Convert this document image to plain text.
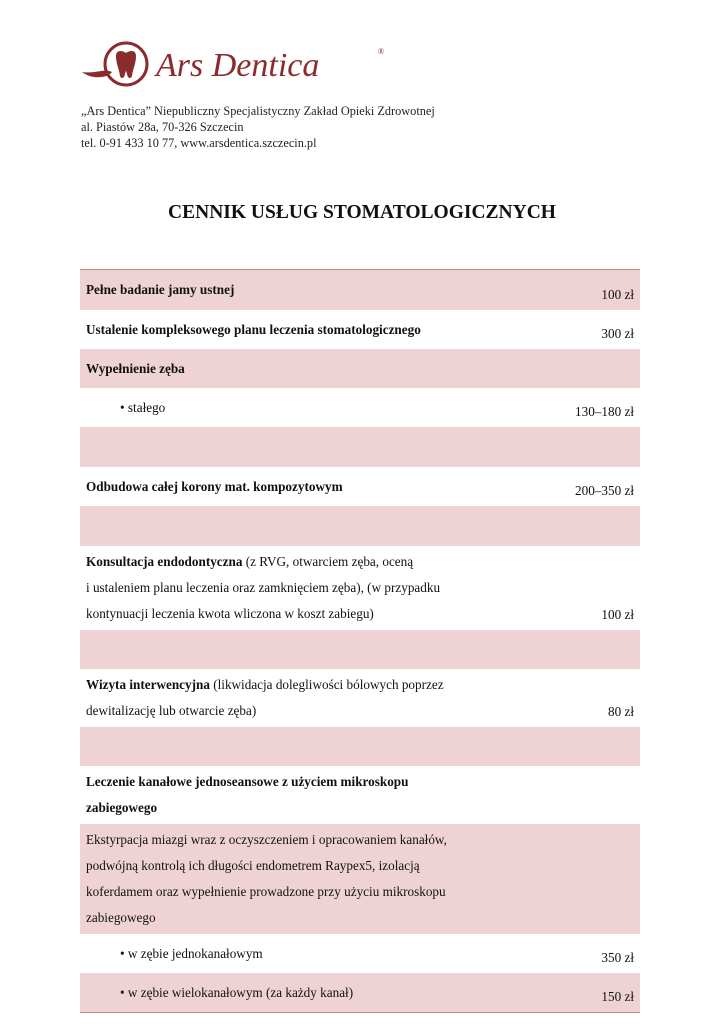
Ars Dentica	®
„Ars Dentica” Niepubliczny Specjalistyczny Zakład Opieki Zdrowotnej
al. Piastów 28a, 70-326 Szczecin
tel. 0-91 433 10 77, www.arsdentica.szczecin.pl
CENNIK USŁUG STOMATOLOGICZNYCH
Pełne badanie jamy ustnej	100 zł
Ustalenie kompleksowego planu leczenia stomatologicznego	300 zł
Wypełnienie zęba	
• stałego	130–180 zł

Odbudowa całej korony mat. kompozytowym	200–350 zł

Konsultacja endodontyczna (z RVG, otwarciem zęba, oceną
i ustaleniem planu leczenia oraz zamknięciem zęba), (w przypadku
kontynuacji leczenia kwota wliczona w koszt zabiegu)	100 zł

Wizyta interwencyjna (likwidacja dolegliwości bólowych poprzez
dewitalizację lub otwarcie zęba)	80 zł

Leczenie kanałowe jednoseansowe z użyciem mikroskopu
zabiegowego	

Ekstyrpacja miazgi wraz z oczyszczeniem i opracowaniem kanałów,
podwójną kontrolą ich długości endometrem Raypex5, izolacją
koferdamem oraz wypełnienie prowadzone przy użyciu mikroskopu
zabiegowego	

• w zębie jednokanałowym	350 zł
• w zębie wielokanałowym (za każdy kanał)	150 zł
